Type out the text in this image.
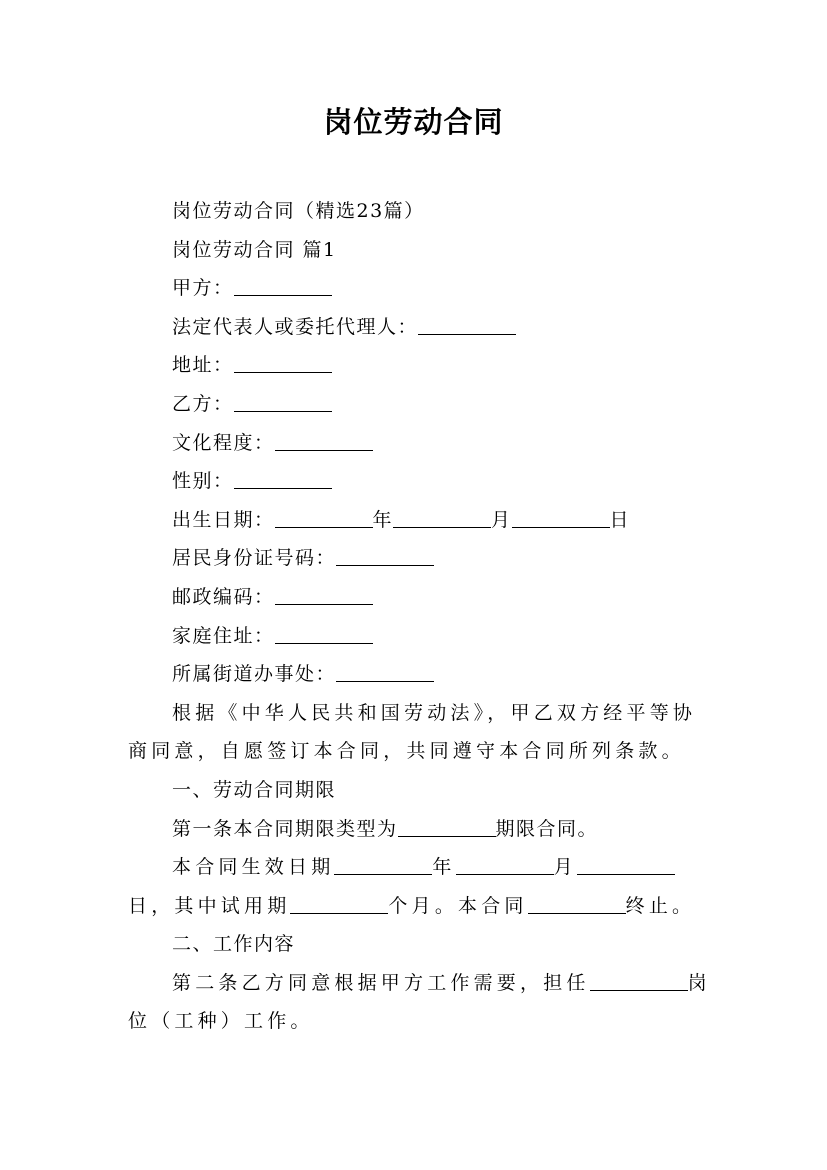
岗位劳动合同
岗位劳动合同（精选23篇）
岗位劳动合同 篇1
甲方：
法定代表人或委托代理人：
地址：
乙方：
文化程度：
性别：
出生日期：	年	月	日
居民身份证号码：
邮政编码：
家庭住址：
所属街道办事处：
根据《中华人民共和国劳动法》，甲乙双方经平等协商同意，自愿签订本合同，共同遵守本合同所列条款。
一、劳动合同期限
第一条本合同期限类型为	期限合同。
本合同生效日期	年	月日，其中试用期	个月。本合同	终止。
二、工作内容
第二条乙方同意根据甲方工作需要，担任	岗位（工种）工作。
